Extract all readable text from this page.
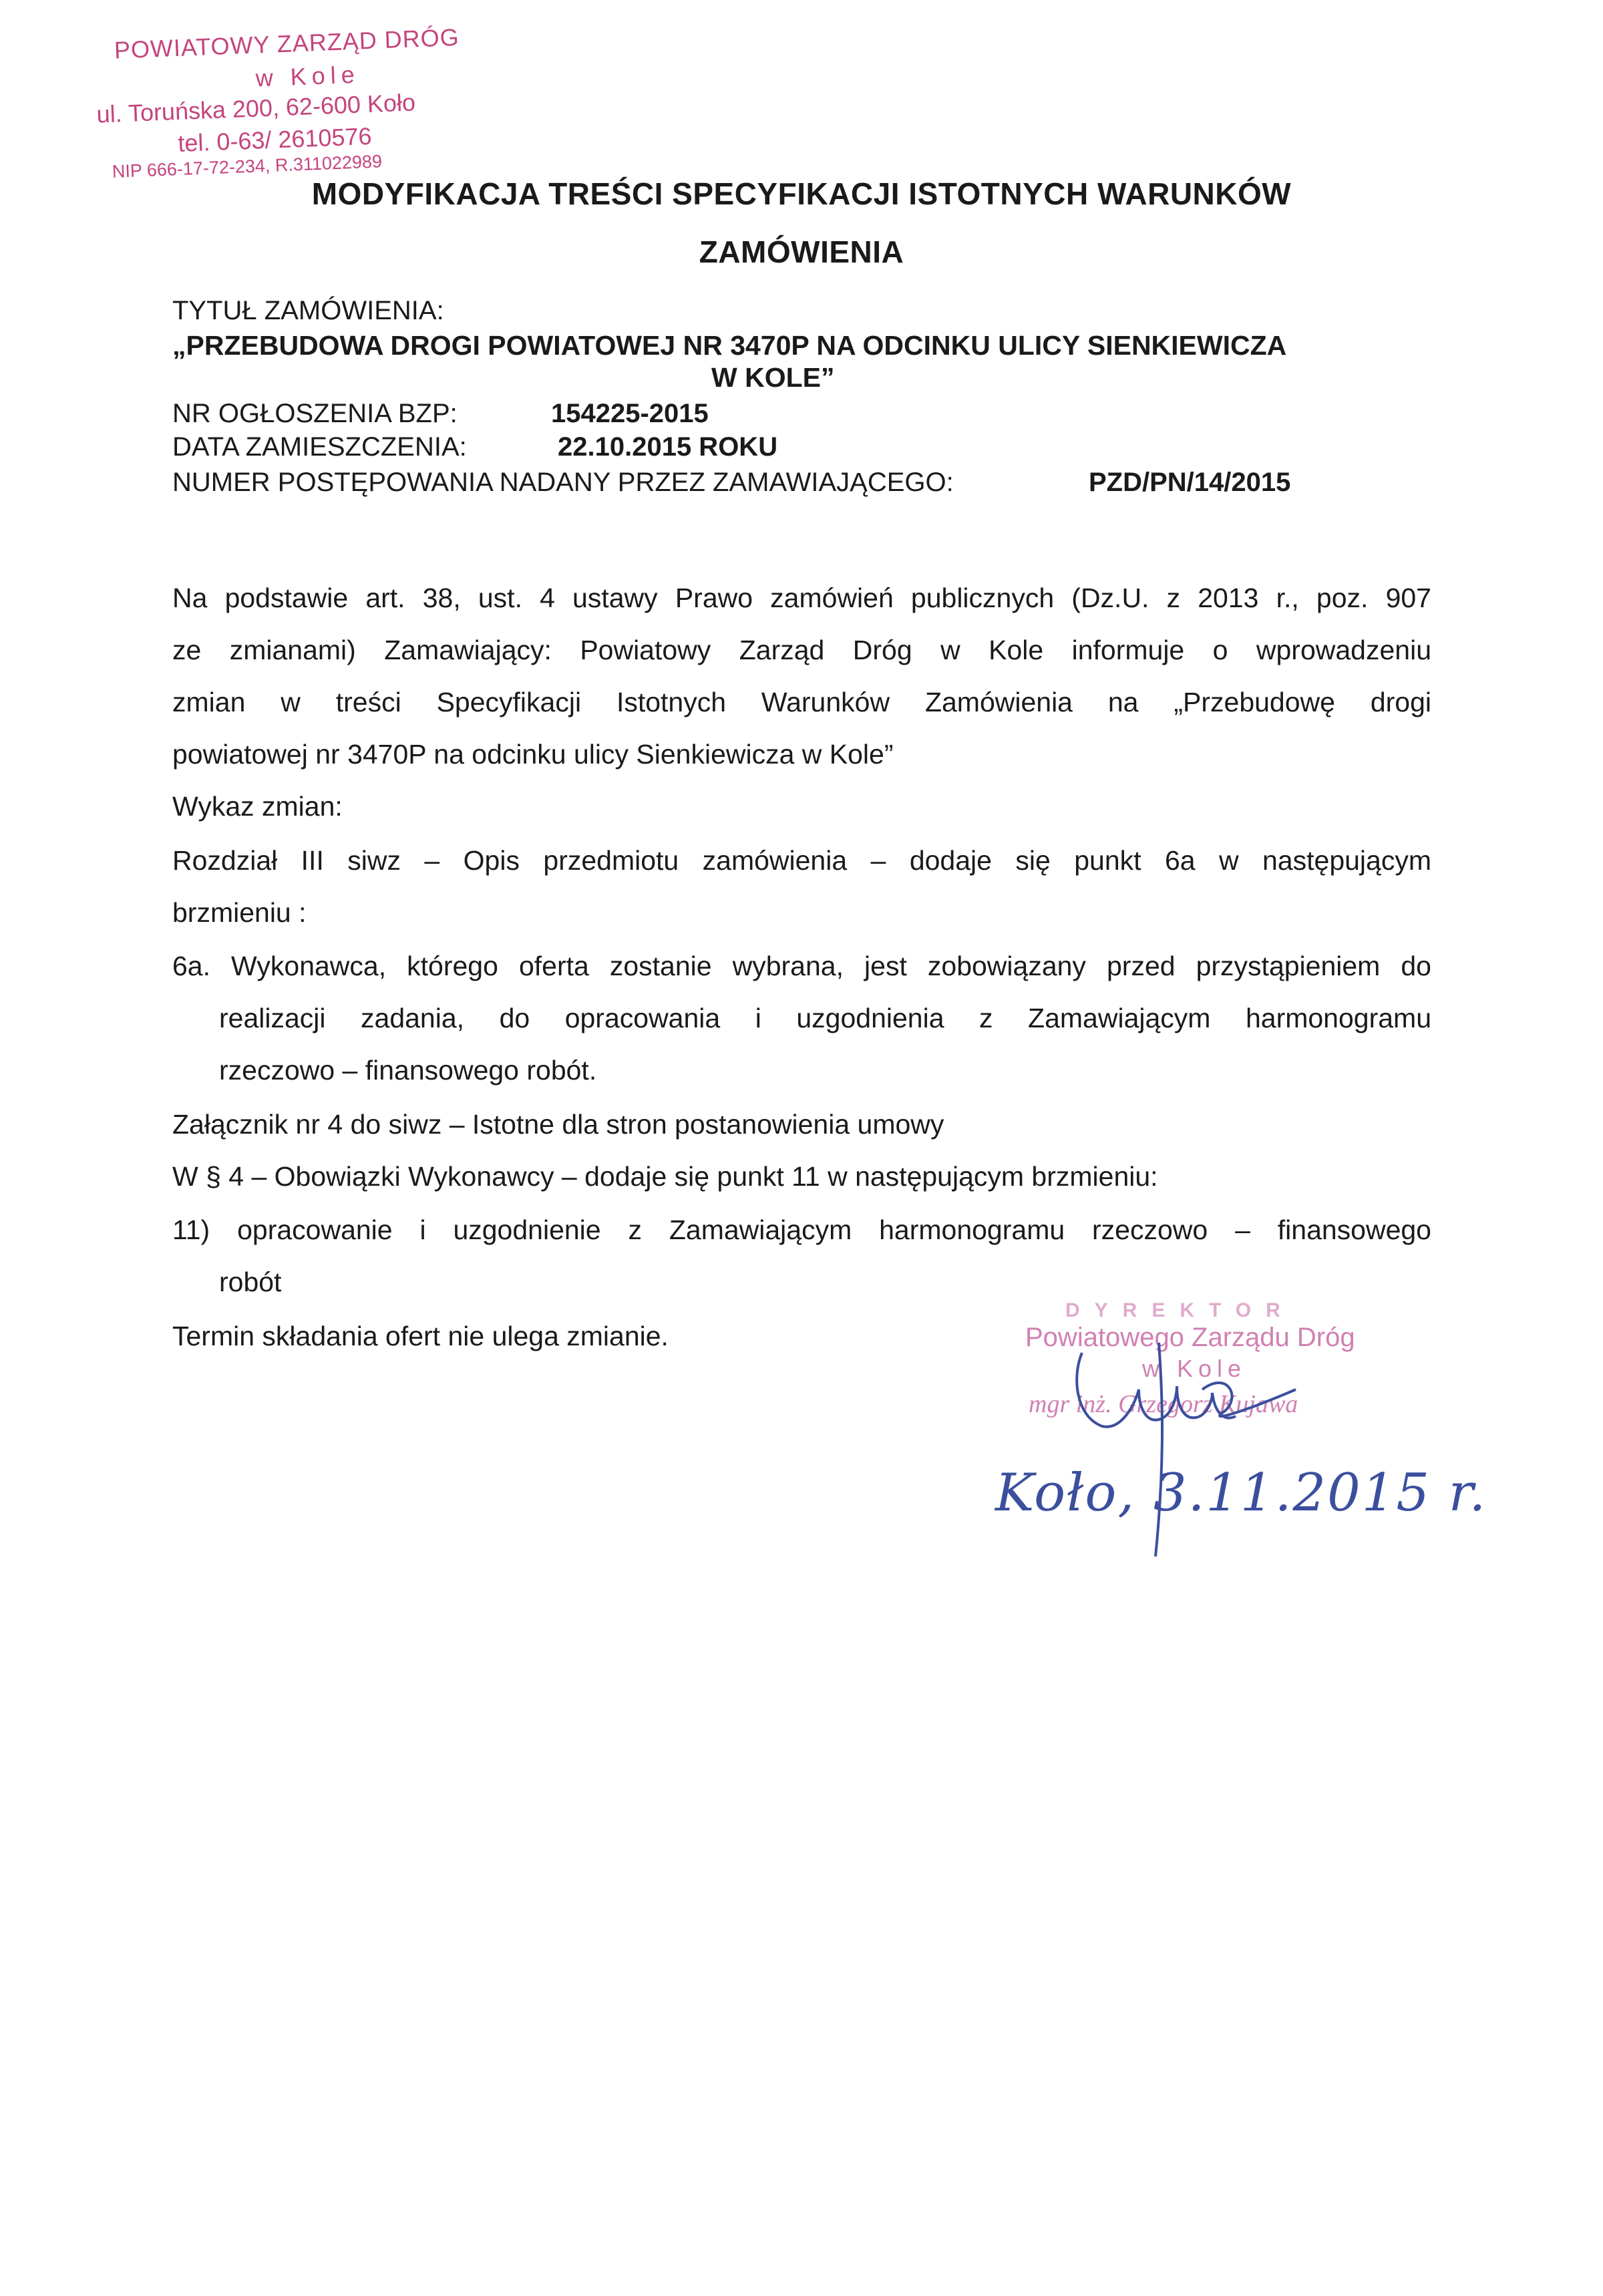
POWIATOWY ZARZĄD DRÓG
w Kole
ul. Toruńska 200, 62-600 Koło
tel. 0-63/ 2610576
NIP 666-17-72-234, R.311022989
MODYFIKACJA TREŚCI SPECYFIKACJI ISTOTNYCH WARUNKÓW
ZAMÓWIENIA
TYTUŁ ZAMÓWIENIA:
„PRZEBUDOWA DROGI POWIATOWEJ NR 3470P NA ODCINKU ULICY SIENKIEWICZA
W KOLE”
NR OGŁOSZENIA BZP:	154225-2015
DATA ZAMIESZCZENIA:	22.10.2015 ROKU
NUMER POSTĘPOWANIA NADANY PRZEZ ZAMAWIAJĄCEGO:	PZD/PN/14/2015
Na podstawie art. 38, ust. 4 ustawy Prawo zamówień publicznych (Dz.U. z 2013 r., poz. 907
ze zmianami) Zamawiający: Powiatowy Zarząd Dróg w Kole informuje o wprowadzeniu
zmian w treści Specyfikacji Istotnych Warunków Zamówienia na „Przebudowę drogi
powiatowej nr 3470P na odcinku ulicy Sienkiewicza w Kole”
Wykaz zmian:
Rozdział III siwz – Opis przedmiotu zamówienia – dodaje się punkt 6a w następującym
brzmieniu :
6a. Wykonawca, którego oferta zostanie wybrana, jest zobowiązany przed przystąpieniem do
realizacji zadania, do opracowania i uzgodnienia z Zamawiającym harmonogramu
rzeczowo – finansowego robót.
Załącznik nr 4 do siwz – Istotne dla stron postanowienia umowy
W § 4 – Obowiązki Wykonawcy – dodaje się punkt 11 w następującym brzmieniu:
11) opracowanie i uzgodnienie z Zamawiającym harmonogramu rzeczowo – finansowego
robót
Termin składania ofert nie ulega zmianie.
DYREKTOR
Powiatowego Zarządu Dróg
w Kole
mgr inż. Grzegorz Kujawa
Koło, 3.11.2015 r.
